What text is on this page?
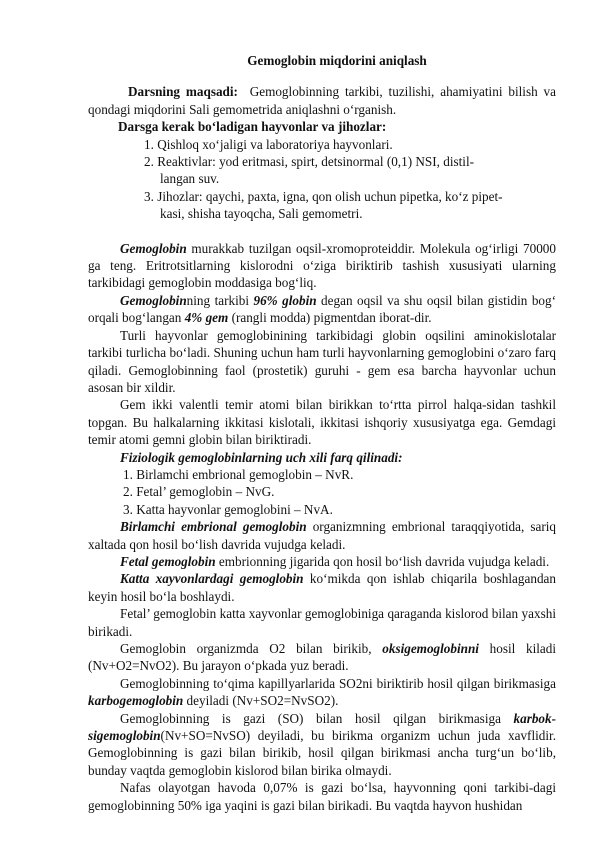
Gemoglobin miqdorini aniqlash

Darsning maqsadi: Gemoglobinning tarkibi, tuzilishi, ahamiyatini bilish va qondagi miqdorini Sali gemometrida aniqlashni o‘rganish.

Darsga kerak bo‘ladigan hayvonlar va jihozlar:
1. Qishloq xo‘jaligi va laboratoriya hayvonlari.
2. Reaktivlar: yod eritmasi, spirt, detsinormal (0,1) NSI, distil-
langan suv.
3. Jihozlar: qaychi, paxta, igna, qon olish uchun pipetka, ko‘z pipet-
kasi, shisha tayoqcha, Sali gemometri.

Gemoglobin murakkab tuzilgan oqsil-xromoproteiddir. Molekula og‘irligi 70000 ga teng. Eritrotsitlarning kislorodni o‘ziga biriktirib tashish xususiyati ularning tarkibidagi gemoglobin moddasiga bog‘liq.

Gemoglobinning tarkibi 96% globin degan oqsil va shu oqsil bilan gistidin bog‘ orqali bog‘langan 4% gem (rangli modda) pigmentdan iborat-dir.

Turli hayvonlar gemoglobinining tarkibidagi globin oqsilini aminokislotalar tarkibi turlicha bo‘ladi. Shuning uchun ham turli hayvonlarning gemoglobini o‘zaro farq qiladi. Gemoglobinning faol (prostetik) guruhi - gem esa barcha hayvonlar uchun asosan bir xildir.

Gem ikki valentli temir atomi bilan birikkan to‘rtta pirrol halqa-sidan tashkil topgan. Bu halkalarning ikkitasi kislotali, ikkitasi ishqoriy xususiyatga ega. Gemdagi temir atomi gemni globin bilan biriktiradi.

Fiziologik gemoglobinlarning uch xili farq qilinadi:

1. Birlamchi embrional gemoglobin – NvR.
2. Fetal’ gemoglobin – NvG.
3. Katta hayvonlar gemoglobini – NvA.

Birlamchi embrional gemoglobin organizmning embrional taraqqiyotida, sariq xaltada qon hosil bo‘lish davrida vujudga keladi.

Fetal gemoglobin embrionning jigarida qon hosil bo‘lish davrida vujudga keladi.

Katta xayvonlardagi gemoglobin ko‘mikda qon ishlab chiqarila boshlagandan keyin hosil bo‘la boshlaydi.

Fetal’ gemoglobin katta xayvonlar gemoglobiniga qaraganda kislorod bilan yaxshi birikadi.

Gemoglobin organizmda O2 bilan birikib, oksigemoglobinni hosil kiladi (Nv+O2=NvO2). Bu jarayon o‘pkada yuz beradi.

Gemoglobinning to‘qima kapillyarlarida SO2ni biriktirib hosil qilgan birikmasiga karbogemoglobin deyiladi (Nv+SO2=NvSO2).

Gemoglobinning is gazi (SO) bilan hosil qilgan birikmasiga karbok-sigemoglobin(Nv+SO=NvSO) deyiladi, bu birikma organizm uchun juda xavflidir. Gemoglobinning is gazi bilan birikib, hosil qilgan birikmasi ancha turg‘un bo‘lib, bunday vaqtda gemoglobin kislorod bilan birika olmaydi.

Nafas olayotgan havoda 0,07% is gazi bo‘lsa, hayvonning qoni tarkibi-dagi gemoglobinning 50% iga yaqini is gazi bilan birikadi. Bu vaqtda hayvon hushidan
